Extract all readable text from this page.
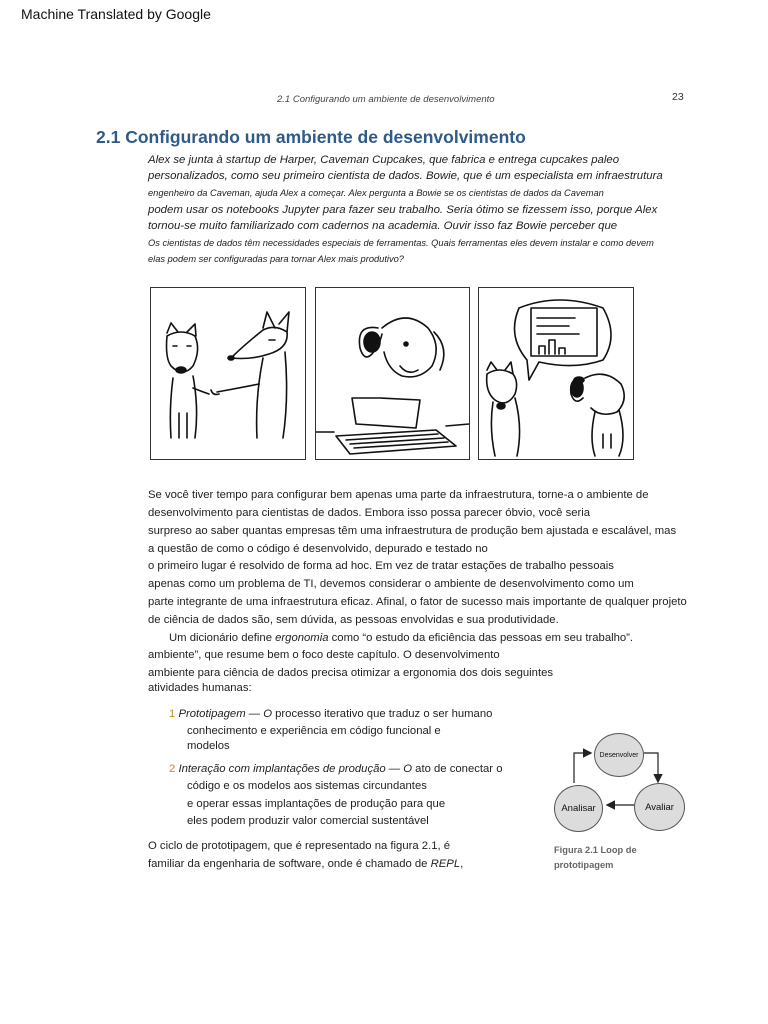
Machine Translated by Google
2.1 Configurando um ambiente de desenvolvimento	23
2.1 Configurando um ambiente de desenvolvimento
Alex se junta à startup de Harper, Caveman Cupcakes, que fabrica e entrega cupcakes paleo
personalizados, como seu primeiro cientista de dados. Bowie, que é um especialista em infraestrutura
engenheiro da Caveman, ajuda Alex a começar. Alex pergunta a Bowie se os cientistas de dados da Caveman
podem usar os notebooks Jupyter para fazer seu trabalho. Seria ótimo se fizessem isso, porque Alex
tornou-se muito familiarizado com cadernos na academia. Ouvir isso faz Bowie perceber que
Os cientistas de dados têm necessidades especiais de ferramentas. Quais ferramentas eles devem instalar e como devem
elas podem ser configuradas para tornar Alex mais produtivo?
Se você tiver tempo para configurar bem apenas uma parte da infraestrutura, torne-a o ambiente de
desenvolvimento para cientistas de dados. Embora isso possa parecer óbvio, você seria
surpreso ao saber quantas empresas têm uma infraestrutura de produção bem ajustada e escalável, mas
a questão de como o código é desenvolvido, depurado e testado no
o primeiro lugar é resolvido de forma ad hoc. Em vez de tratar estações de trabalho pessoais
apenas como um problema de TI, devemos considerar o ambiente de desenvolvimento como um
parte integrante de uma infraestrutura eficaz. Afinal, o fator de sucesso mais importante de qualquer projeto
de ciência de dados são, sem dúvida, as pessoas envolvidas e sua produtividade.
Um dicionário define ergonomia como “o estudo da eficiência das pessoas em seu trabalho”.
ambiente”, que resume bem o foco deste capítulo. O desenvolvimento
ambiente para ciência de dados precisa otimizar a ergonomia dos dois seguintes
atividades humanas:
1 Prototipagem — O processo iterativo que traduz o ser humano
conhecimento e experiência em código funcional e
modelos
2 Interação com implantações de produção — O ato de conectar o
código e os modelos aos sistemas circundantes
e operar essas implantações de produção para que
eles podem produzir valor comercial sustentável
O ciclo de prototipagem, que é representado na figura 2.1, é
familiar da engenharia de software, onde é chamado de REPL,
Desenvolver
Analisar	Avaliar
Figura 2.1 Loop de prototipagem
